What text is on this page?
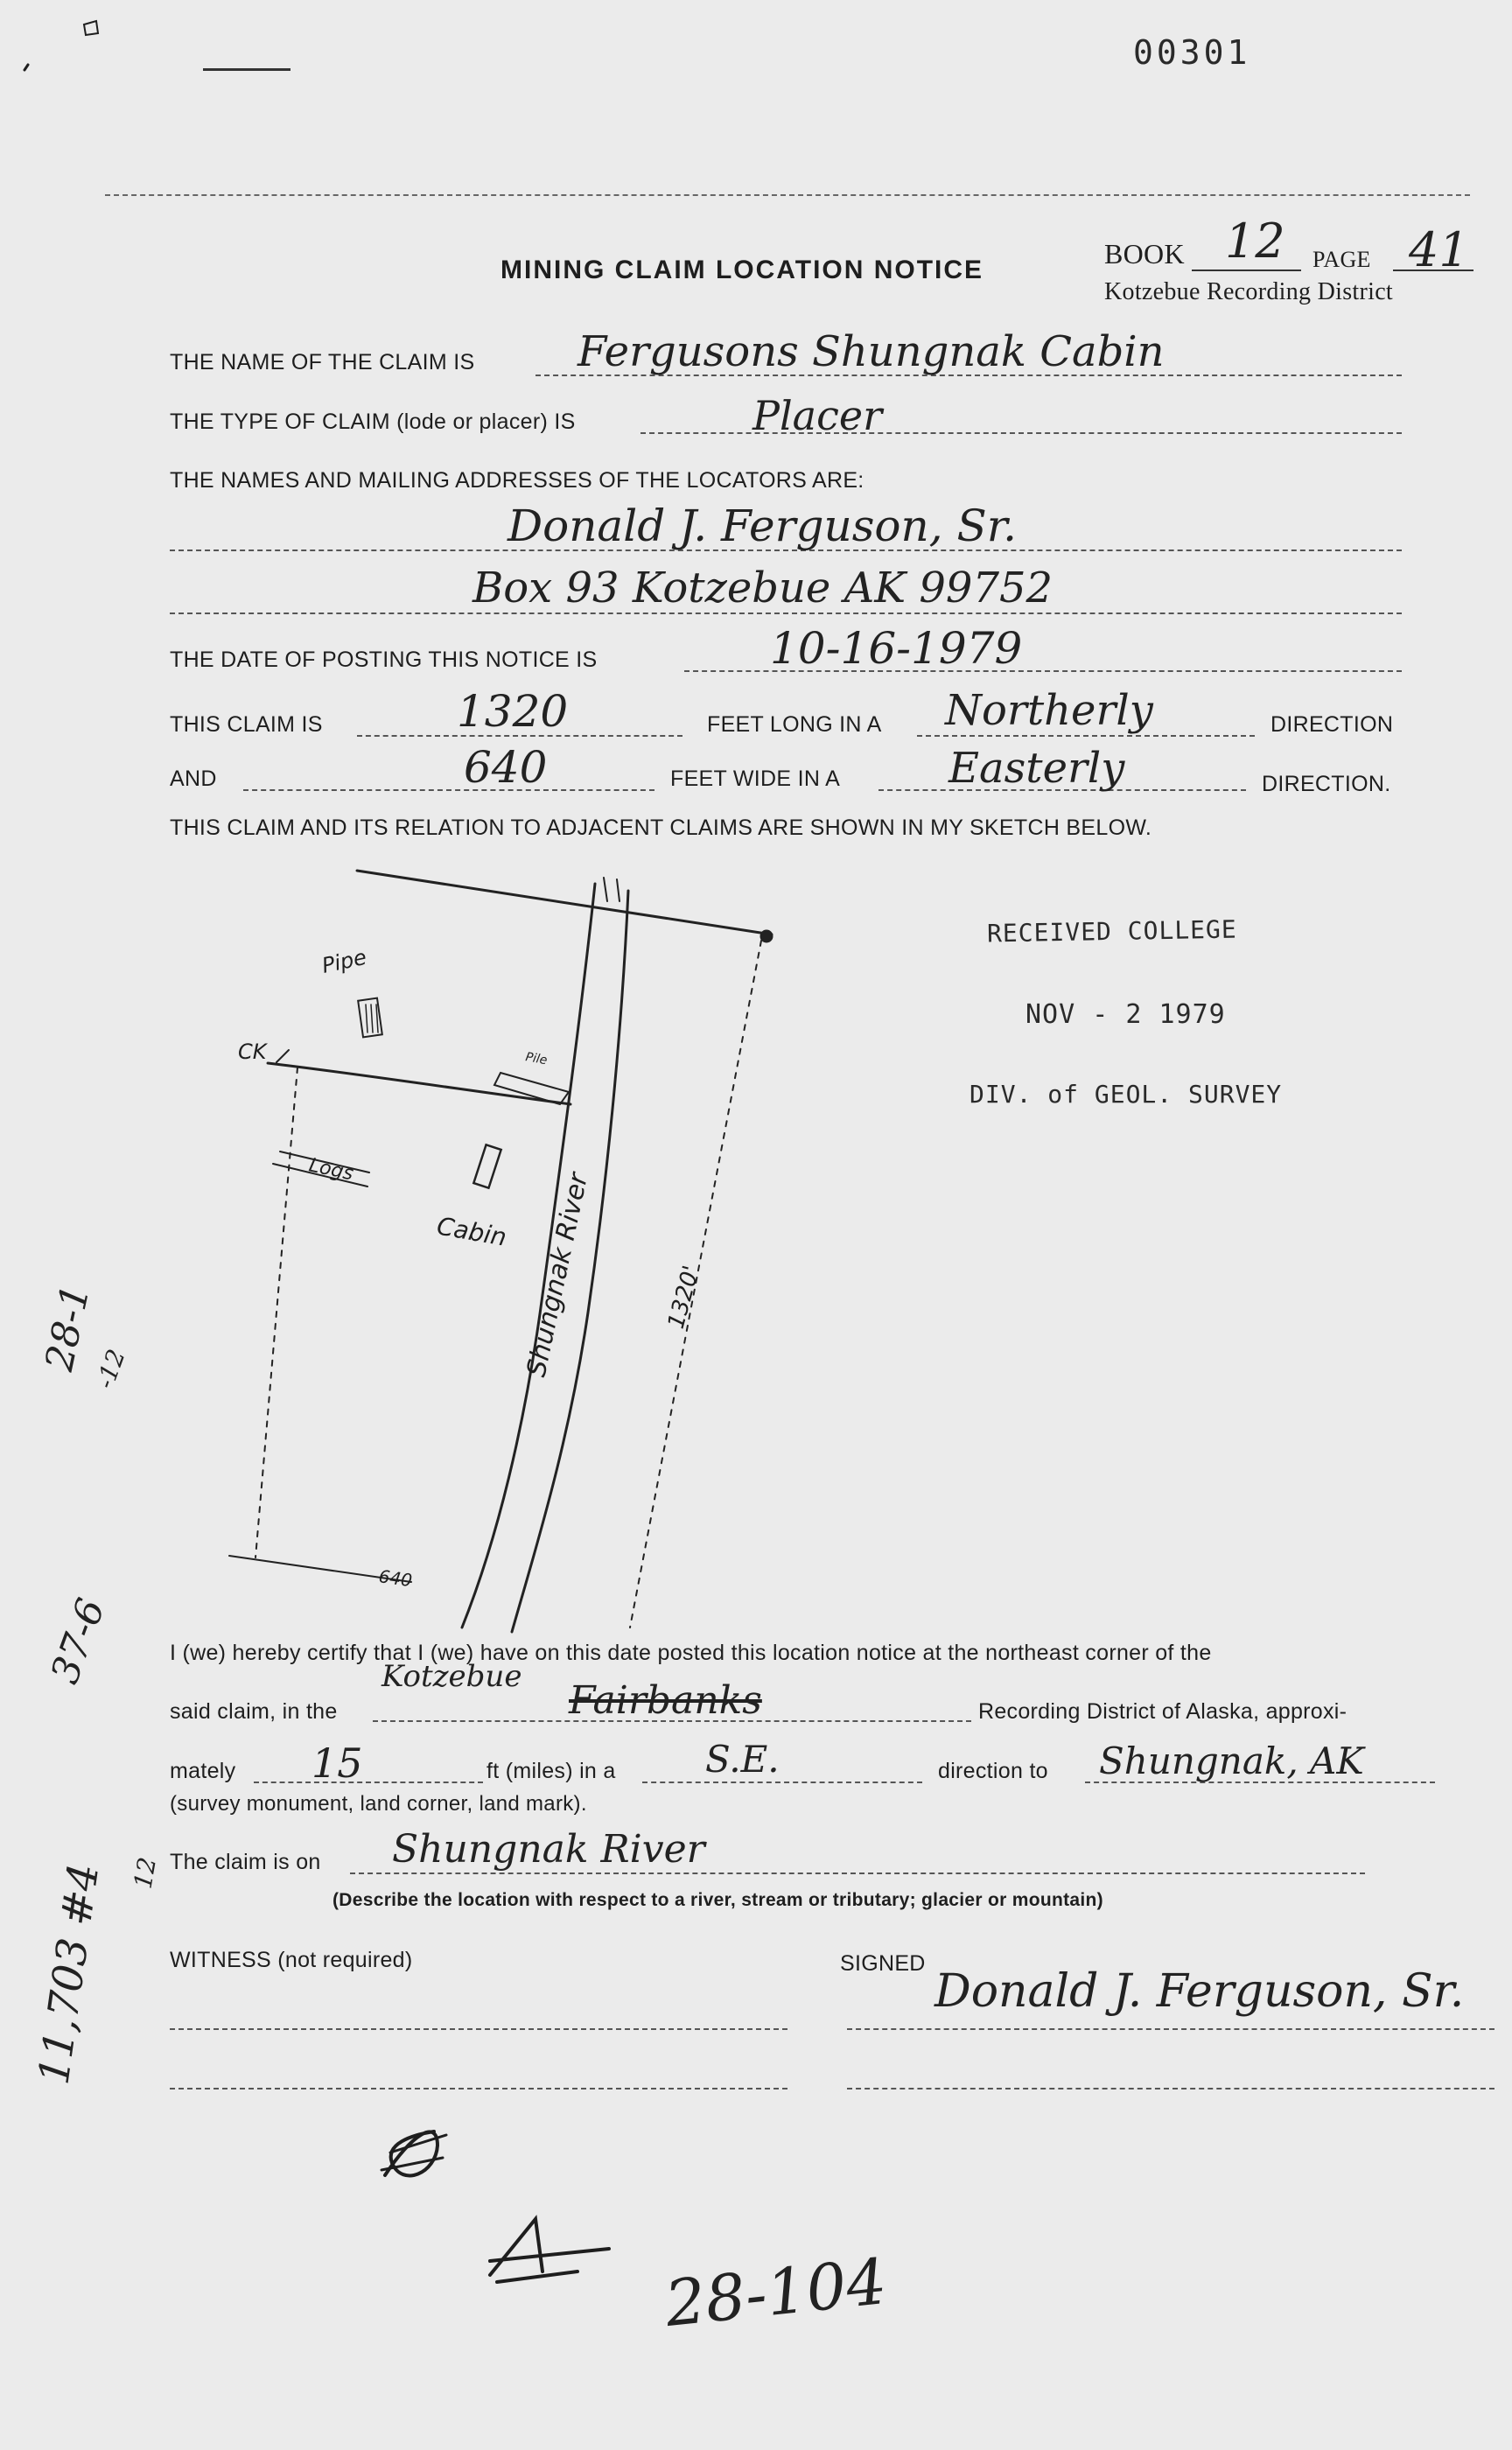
00301
MINING CLAIM LOCATION NOTICE
BOOK 12 PAGE 41
Kotzebue Recording District
THE NAME OF THE CLAIM IS Fergusons Shungnak Cabin
THE TYPE OF CLAIM (lode or placer) IS	Placer
THE NAMES AND MAILING ADDRESSES OF THE LOCATORS ARE:
Donald J. Ferguson, Sr.
Box 93 Kotzebue AK 99752
THE DATE OF POSTING THIS NOTICE IS	10-16-1979
THIS CLAIM IS	1320	FEET LONG IN A Northerly	DIRECTION
AND	640	FEET WIDE IN A	Easterly	DIRECTION.
THIS CLAIM AND ITS RELATION TO ADJACENT CLAIMS ARE SHOWN IN MY SKETCH BELOW.
Pipe
CK	Pile
Logs
Cabin Shungnak River	1320'
640
RECEIVED COLLEGE
NOV - 2 1979
DIV. of GEOL. SURVEY
I (we) hereby certify that I (we) have on this date posted this location notice at the northeast corner of the
said claim, in the
Kotzebue
Fairbanks	Recording District of Alaska, approxi-
mately 15	ft (miles) in a S.E.	direction to Shungnak, AK
(survey monument, land corner, land mark).
The claim is on Shungnak River
(Describe the location with respect to a river, stream or tributary; glacier or mountain)
WITNESS (not required)	SIGNED
Donald J. Ferguson, Sr.
28-1
-12
37-6
11,703 #4 12
28-104
